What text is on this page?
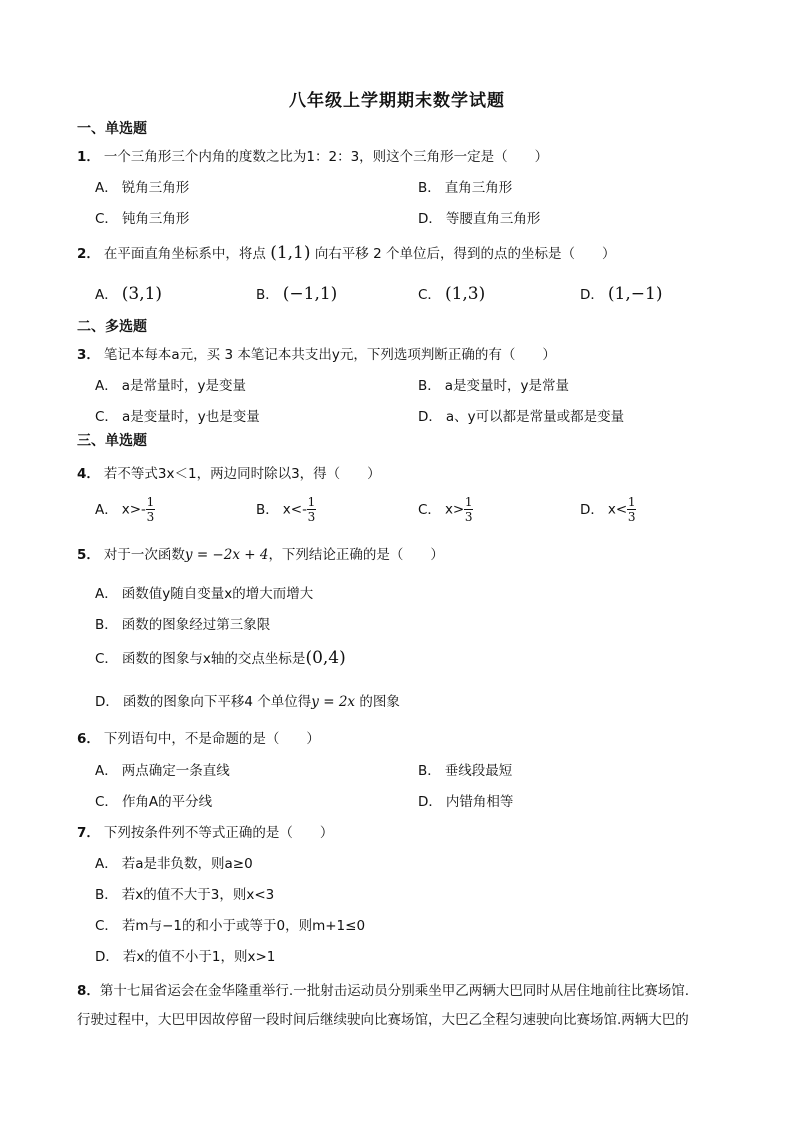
八年级上学期期末数学试题
一、单选题
1． 一个三角形三个内角的度数之比为1：2：3，则这个三角形一定是（　　）
A． 锐角三角形	B． 直角三角形
C． 钝角三角形	D． 等腰直角三角形
2． 在平面直角坐标系中，将点 (1,1) 向右平移 2 个单位后，得到的点的坐标是（　　）
A． (3,1)	B． (−1,1)	C． (1,3)	D． (1,−1)
二、多选题
3． 笔记本每本a元，买 3 本笔记本共支出y元，下列选项判断正确的有（　　）
A． a是常量时，y是变量	B． a是变量时，y是常量
C． a是变量时，y也是变量	D． a、y可以都是常量或都是变量
三、单选题
4． 若不等式3x＜1，两边同时除以3，得（　　）
A． $x>- \frac{1}{3}$	B． $x<- \frac{1}{3}$	C． $x> \frac{1}{3}$	D． $x< \frac{1}{3}$
5． 对于一次函数y = −2x + 4，下列结论正确的是（　　）
A． 函数值y随自变量x的增大而增大
B． 函数的图象经过第三象限
C． 函数的图象与x轴的交点坐标是(0,4)
D． 函数的图象向下平移4 个单位得y = 2x 的图象
6． 下列语句中，不是命题的是（　　）
A． 两点确定一条直线	B． 垂线段最短
C． 作角A的平分线	D． 内错角相等
7． 下列按条件列不等式正确的是（　　）
A． 若a是非负数，则a≥0
B． 若x的值不大于3，则x<3
C． 若m与−1的和小于或等于0，则m+1≤0
D． 若x的值不小于1，则x>1
8．第十七届省运会在金华隆重举行.一批射击运动员分别乘坐甲乙两辆大巴同时从居住地前往比赛场馆.
行驶过程中，大巴甲因故停留一段时间后继续驶向比赛场馆，大巴乙全程匀速驶向比赛场馆.两辆大巴的
